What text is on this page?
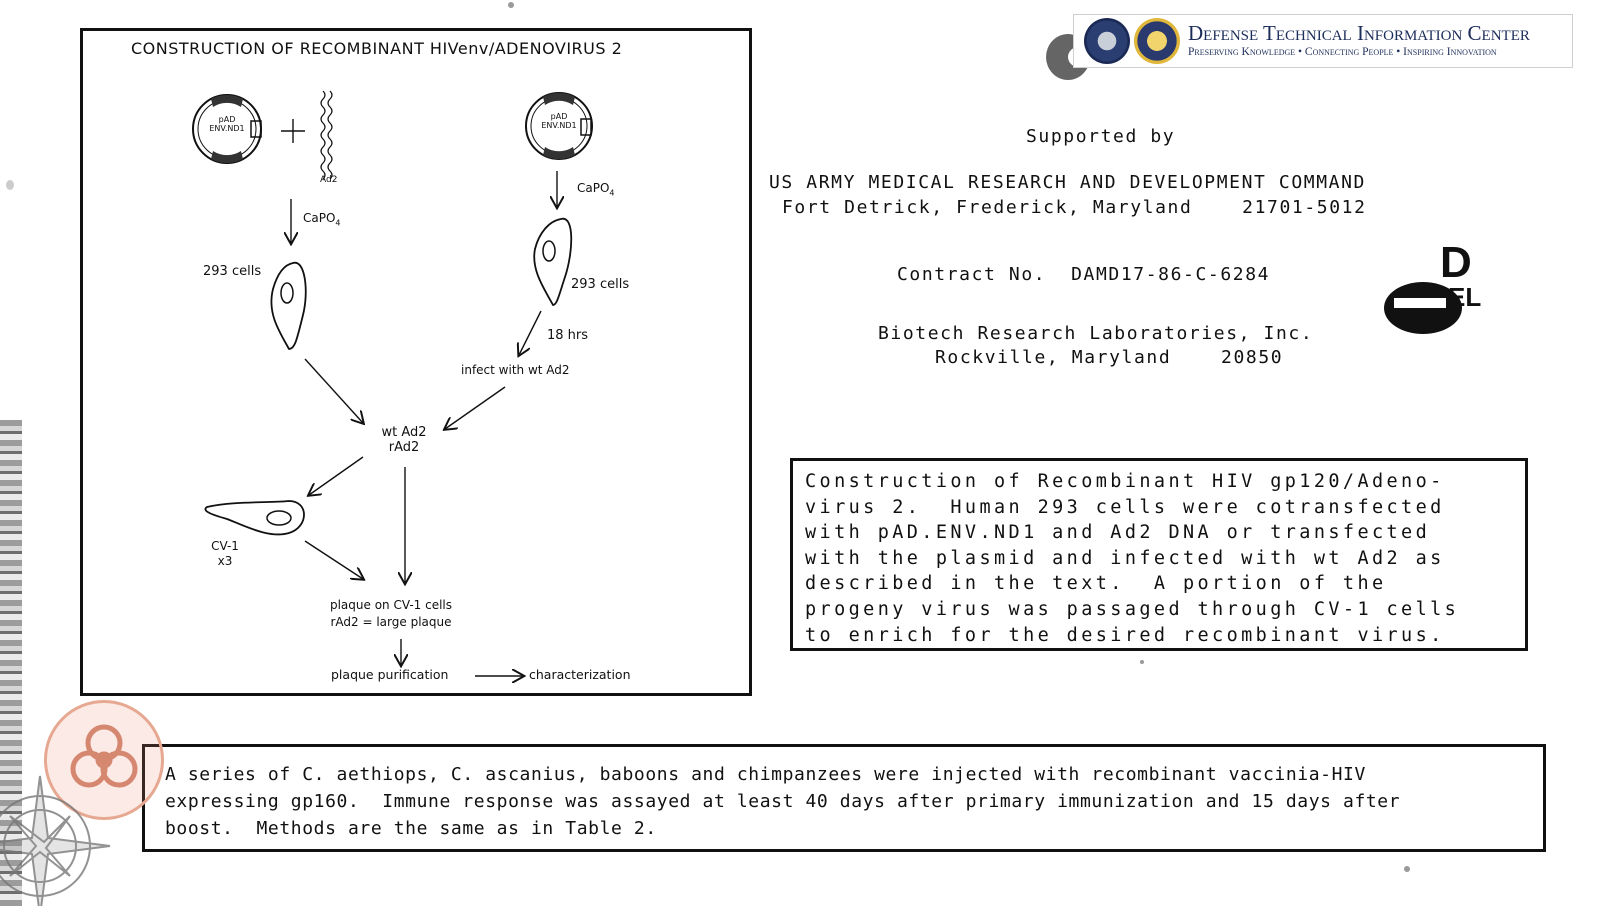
CONSTRUCTION OF RECOMBINANT HIVenv/ADENOVIRUS 2
pAD
ENV.ND1
pAD
ENV.ND1
Ad2
CaPO$_4$
CaPO$_4$
293 cells
293 cells
18 hrs
infect with wt Ad2
wt Ad2
rAd2
CV-1
x3
plaque on CV-1 cells
rAd2 = large plaque
plaque purification	characterization
Defense Technical Information Center
Preserving Knowledge • Connecting People • Inspiring Innovation
Supported by
US ARMY MEDICAL RESEARCH AND DEVELOPMENT COMMAND
Fort Detrick, Frederick, Maryland    21701-5012
Contract No.  DAMD17-86-C-6284
Biotech Research Laboratories, Inc.
Rockville, Maryland    20850
D
EL
Construction of Recombinant HIV gp120/Adeno-
virus 2.  Human 293 cells were cotransfected
with pAD.ENV.ND1 and Ad2 DNA or transfected
with the plasmid and infected with wt Ad2 as
described in the text.  A portion of the
progeny virus was passaged through CV-1 cells
to enrich for the desired recombinant virus.
A series of C. aethiops, C. ascanius, baboons and chimpanzees were injected with recombinant vaccinia-HIV
expressing gp160.  Immune response was assayed at least 40 days after primary immunization and 15 days after
boost.  Methods are the same as in Table 2.
